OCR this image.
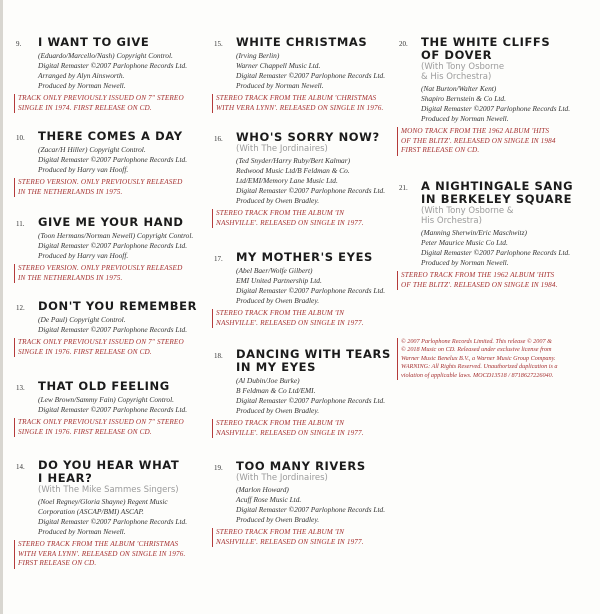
9. I WANT TO GIVE
(Eduardo/Marcello/Nash) Copyright Control.
Digital Remaster ©2007 Parlophone Records Ltd.
Arranged by Alyn Ainsworth.
Produced by Norman Newell.
TRACK ONLY PREVIOUSLY ISSUED ON 7" STEREO
SINGLE IN 1974. FIRST RELEASE ON CD.
10. THERE COMES A DAY
(Zacar/H Hiller) Copyright Control.
Digital Remaster ©2007 Parlophone Records Ltd.
Produced by Harry van Hooff.
STEREO VERSION. ONLY PREVIOUSLY RELEASED
IN THE NETHERLANDS IN 1975.
11. GIVE ME YOUR HAND
(Toon Hermans/Norman Newell) Copyright Control.
Digital Remaster ©2007 Parlophone Records Ltd.
Produced by Harry van Hooff.
STEREO VERSION. ONLY PREVIOUSLY RELEASED
IN THE NETHERLANDS IN 1975.
12. DON'T YOU REMEMBER
(De Paul) Copyright Control.
Digital Remaster ©2007 Parlophone Records Ltd.
TRACK ONLY PREVIOUSLY ISSUED ON 7" STEREO
SINGLE IN 1976. FIRST RELEASE ON CD.
13. THAT OLD FEELING
(Lew Brown/Sammy Fain) Copyright Control.
Digital Remaster ©2007 Parlophone Records Ltd.
TRACK ONLY PREVIOUSLY ISSUED ON 7" STEREO
SINGLE IN 1976. FIRST RELEASE ON CD.
14. DO YOU HEAR WHAT
I HEAR?
(With The Mike Sammes Singers)
(Noel Regney/Gloria Shayne) Regent Music
Corporation (ASCAP/BMI) ASCAP.
Digital Remaster ©2007 Parlophone Records Ltd.
Produced by Norman Newell.
STEREO TRACK FROM THE ALBUM 'CHRISTMAS
WITH VERA LYNN'. RELEASED ON SINGLE IN 1976.
FIRST RELEASE ON CD.
15. WHITE CHRISTMAS
(Irving Berlin)
Warner Chappell Music Ltd.
Digital Remaster ©2007 Parlophone Records Ltd.
Produced by Norman Newell.
STEREO TRACK FROM THE ALBUM 'CHRISTMAS
WITH VERA LYNN'. RELEASED ON SINGLE IN 1976.
16. WHO'S SORRY NOW?
(With The Jordinaires)
(Ted Snyder/Harry Ruby/Bert Kalmar)
Redwood Music Ltd/B Feldman & Co.
Ltd/EMI/Memory Lane Music Ltd.
Digital Remaster ©2007 Parlophone Records Ltd.
Produced by Owen Bradley.
STEREO TRACK FROM THE ALBUM 'IN
NASHVILLE'. RELEASED ON SINGLE IN 1977.
17. MY MOTHER'S EYES
(Abel Baer/Wolfe Gilbert)
EMI United Partnership Ltd.
Digital Remaster ©2007 Parlophone Records Ltd.
Produced by Owen Bradley.
STEREO TRACK FROM THE ALBUM 'IN
NASHVILLE'. RELEASED ON SINGLE IN 1977.
18. DANCING WITH TEARS
IN MY EYES
(Al Dubin/Joe Burke)
B Feldman & Co Ltd/EMI.
Digital Remaster ©2007 Parlophone Records Ltd.
Produced by Owen Bradley.
STEREO TRACK FROM THE ALBUM 'IN
NASHVILLE'. RELEASED ON SINGLE IN 1977.
19. TOO MANY RIVERS
(With The Jordinaires)
(Marlon Howard)
Acuff Rose Music Ltd.
Digital Remaster ©2007 Parlophone Records Ltd.
Produced by Owen Bradley.
STEREO TRACK FROM THE ALBUM 'IN
NASHVILLE'. RELEASED ON SINGLE IN 1977.
20. THE WHITE CLIFFS
OF DOVER
(With Tony Osborne
& His Orchestra)
(Nat Burton/Walter Kent)
Shapiro Bernstein & Co Ltd.
Digital Remaster ©2007 Parlophone Records Ltd.
Produced by Norman Newell.
MONO TRACK FROM THE 1962 ALBUM 'HITS
OF THE BLITZ'. RELEASED ON SINGLE IN 1984
FIRST RELEASE ON CD.
21. A NIGHTINGALE SANG
IN BERKELEY SQUARE
(With Tony Osborne &
His Orchestra)
(Manning Sherwin/Eric Maschwitz)
Peter Maurice Music Co Ltd.
Digital Remaster ©2007 Parlophone Records Ltd.
Produced by Norman Newell.
STEREO TRACK FROM THE 1962 ALBUM 'HITS
OF THE BLITZ'. RELEASED ON SINGLE IN 1984.
© 2007 Parlophone Records Limited. This release © 2007 &
© 2018 Music on CD. Released under exclusive license from
Warner Music Benelux B.V., a Warner Music Group Company.
WARNING: All Rights Reserved. Unauthorized duplication is a
violation of applicable laws. MOCD13518 / 8718627226040.
